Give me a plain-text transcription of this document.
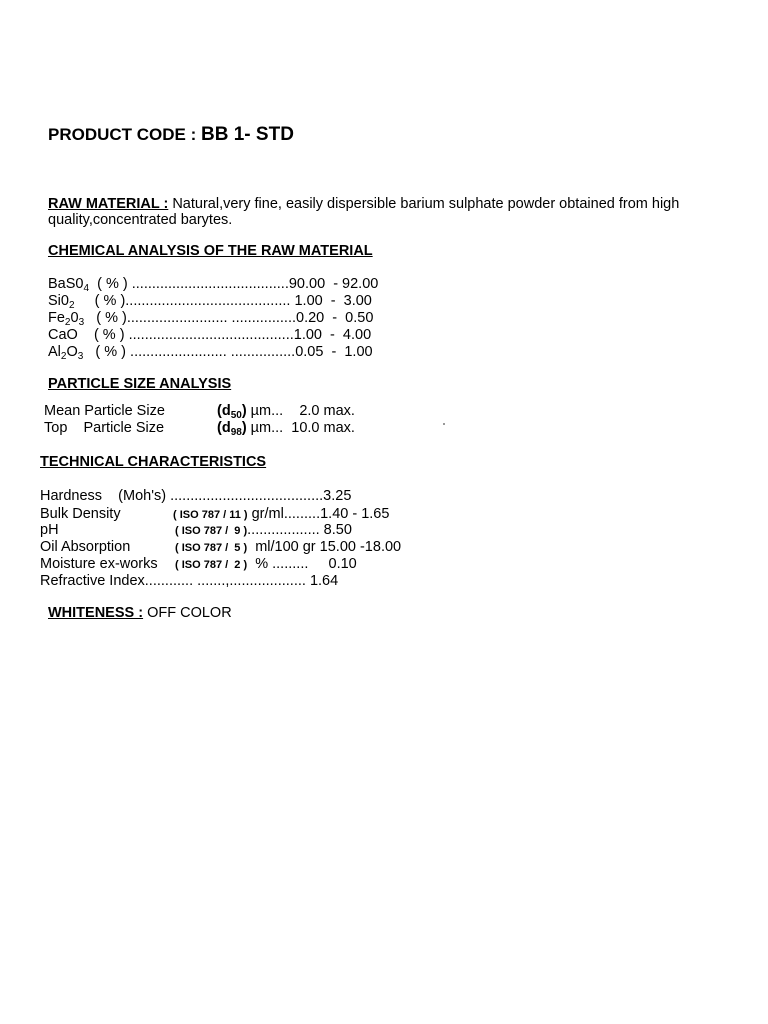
PRODUCT CODE : BB 1- STD
RAW MATERIAL : Natural,very fine, easily dispersible barium sulphate powder obtained from high
quality,concentrated barytes.
CHEMICAL ANALYSIS OF THE RAW MATERIAL
$BaS0_4$  ( % ) .......................................90.00  - 92.00
$Si0_2$     ( % )......................................... 1.00  -  3.00
$Fe_20_3$   ( % )......................... ................0.20  -  0.50
CaO    ( % ) .........................................1.00  -  4.00
$Al_2O_3$   ( % ) ........................ ................0.05  -  1.00
PARTICLE SIZE ANALYSIS
Mean Particle Size	$(d_{50})$ µm...    2.0 max.
Top    Particle Size	$(d_{98})$ µm...  10.0 max.
TECHNICAL CHARACTERISTICS
Hardness    (Moh's) ......................................3.25
Bulk Density	( ISO 787 / 11 ) gr/ml.........1.40 - 1.65
pH	( ISO 787 /  9 ).................. 8.50
Oil Absorption	( ISO 787 /  5 )  ml/100 gr 15.00 -18.00
Moisture ex-works ( ISO 787 /  2 )  % .........     0.10
Refractive Index............ .......,................... 1.64
WHITENESS : OFF COLOR
